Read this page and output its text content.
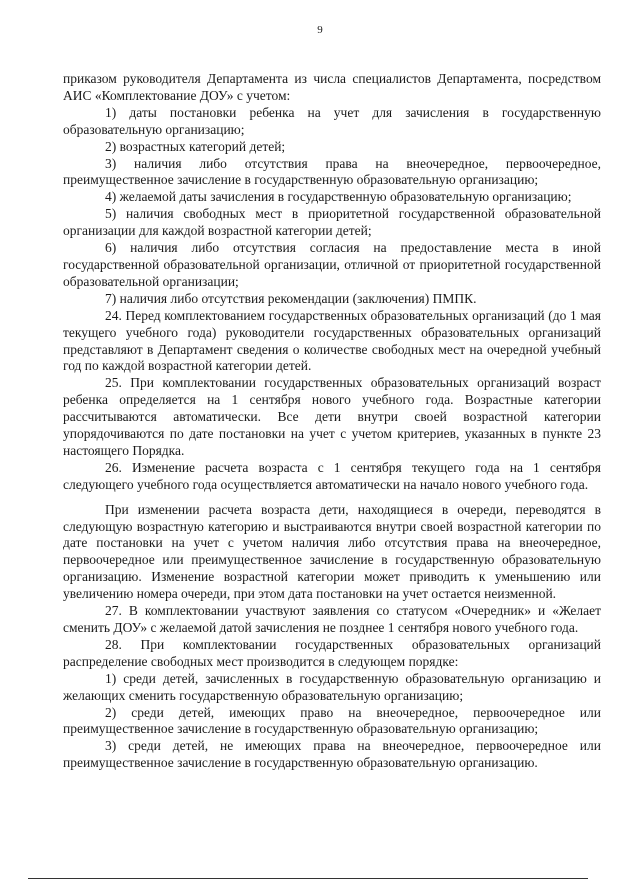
9

приказом руководителя Департамента из числа специалистов Департамента, посредством АИС «Комплектование ДОУ» с учетом:

1) даты постановки ребенка на учет для зачисления в государственную образовательную организацию;

2) возрастных категорий детей;

3) наличия либо отсутствия права на внеочередное, первоочередное, преимущественное зачисление в государственную образовательную организацию;

4) желаемой даты зачисления в государственную образовательную организацию;

5) наличия свободных мест в приоритетной государственной образовательной организации для каждой возрастной категории детей;

6) наличия либо отсутствия согласия на предоставление места в иной государственной образовательной организации, отличной от приоритетной государственной образовательной организации;

7) наличия либо отсутствия рекомендации (заключения) ПМПК.

24. Перед комплектованием государственных образовательных организаций (до 1 мая текущего учебного года) руководители государственных образовательных организаций представляют в Департамент сведения о количестве свободных мест на очередной учебный год по каждой возрастной категории детей.

25. При комплектовании государственных образовательных организаций возраст ребенка определяется на 1 сентября нового учебного года. Возрастные категории рассчитываются автоматически. Все дети внутри своей возрастной категории упорядочиваются по дате постановки на учет с учетом критериев, указанных в пункте 23 настоящего Порядка.

26. Изменение расчета возраста с 1 сентября текущего года на 1 сентября следующего учебного года осуществляется автоматически на начало нового учебного года.

При изменении расчета возраста дети, находящиеся в очереди, переводятся в следующую возрастную категорию и выстраиваются внутри своей возрастной категории по дате постановки на учет с учетом наличия либо отсутствия права на внеочередное, первоочередное или преимущественное зачисление в государственную образовательную организацию. Изменение возрастной категории может приводить к уменьшению или увеличению номера очереди, при этом дата постановки на учет остается неизменной.

27. В комплектовании участвуют заявления со статусом «Очередник» и «Желает сменить ДОУ» с желаемой датой зачисления не позднее 1 сентября нового учебного года.

28. При комплектовании государственных образовательных организаций распределение свободных мест производится в следующем порядке:

1) среди детей, зачисленных в государственную образовательную организацию и желающих сменить государственную образовательную организацию;

2) среди детей, имеющих право на внеочередное, первоочередное или преимущественное зачисление в государственную образовательную организацию;

3) среди детей, не имеющих права на внеочередное, первоочередное или преимущественное зачисление в государственную образовательную организацию.
